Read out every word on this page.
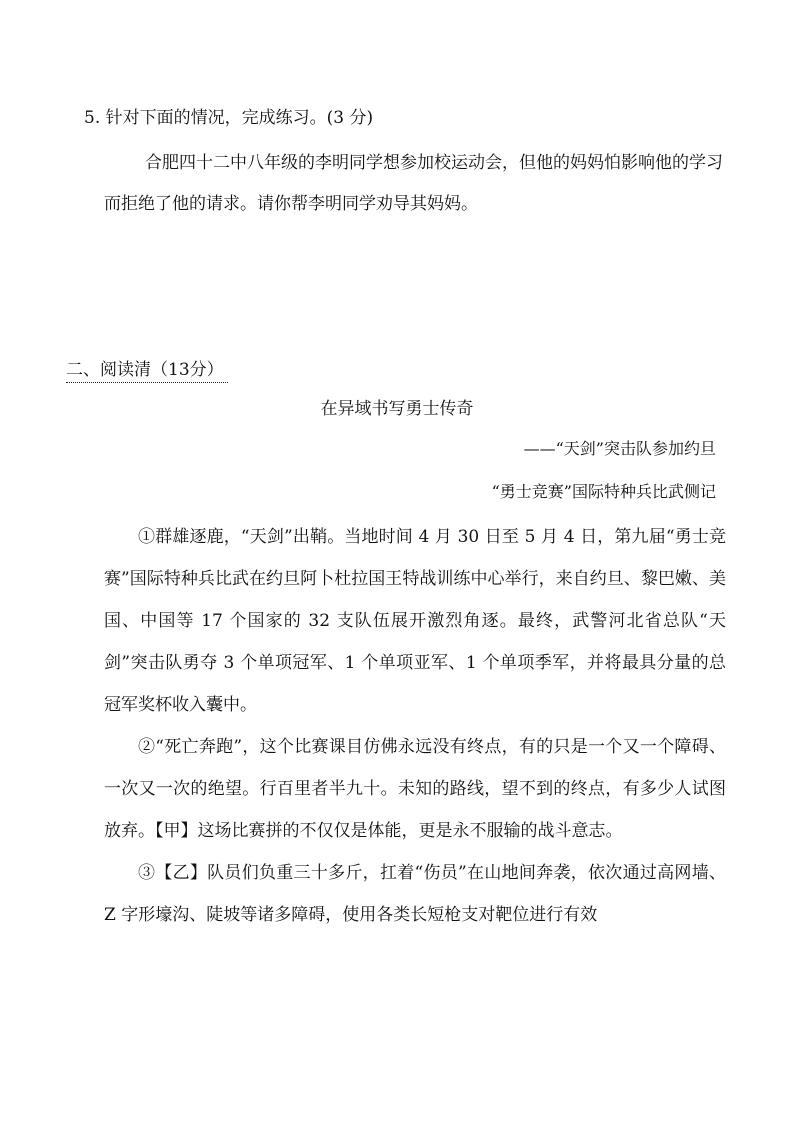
5. 针对下面的情况，完成练习。(3 分)
合肥四十二中八年级的李明同学想参加校运动会，但他的妈妈怕影响他的学习而拒绝了他的请求。请你帮李明同学劝导其妈妈。
二、阅读清（13分）
在异域书写勇士传奇
——“天剑”突击队参加约旦
“勇士竞赛”国际特种兵比武侧记

①群雄逐鹿，“天剑”出鞘。当地时间 4 月 30 日至 5 月 4 日，第九届“勇士竞赛”国际特种兵比武在约旦阿卜杜拉国王特战训练中心举行，来自约旦、黎巴嫩、美国、中国等 17 个国家的 32 支队伍展开激烈角逐。最终，武警河北省总队“天剑”突击队勇夺 3 个单项冠军、1 个单项亚军、1 个单项季军，并将最具分量的总冠军奖杯收入囊中。

②“死亡奔跑”，这个比赛课目仿佛永远没有终点，有的只是一个又一个障碍、一次又一次的绝望。行百里者半九十。未知的路线，望不到的终点，有多少人试图放弃。【甲】这场比赛拼的不仅仅是体能，更是永不服输的战斗意志。

③【乙】队员们负重三十多斤，扛着“伤员”在山地间奔袭，依次通过高网墙、Z 字形壕沟、陡坡等诸多障碍，使用各类长短枪支对靶位进行有效
